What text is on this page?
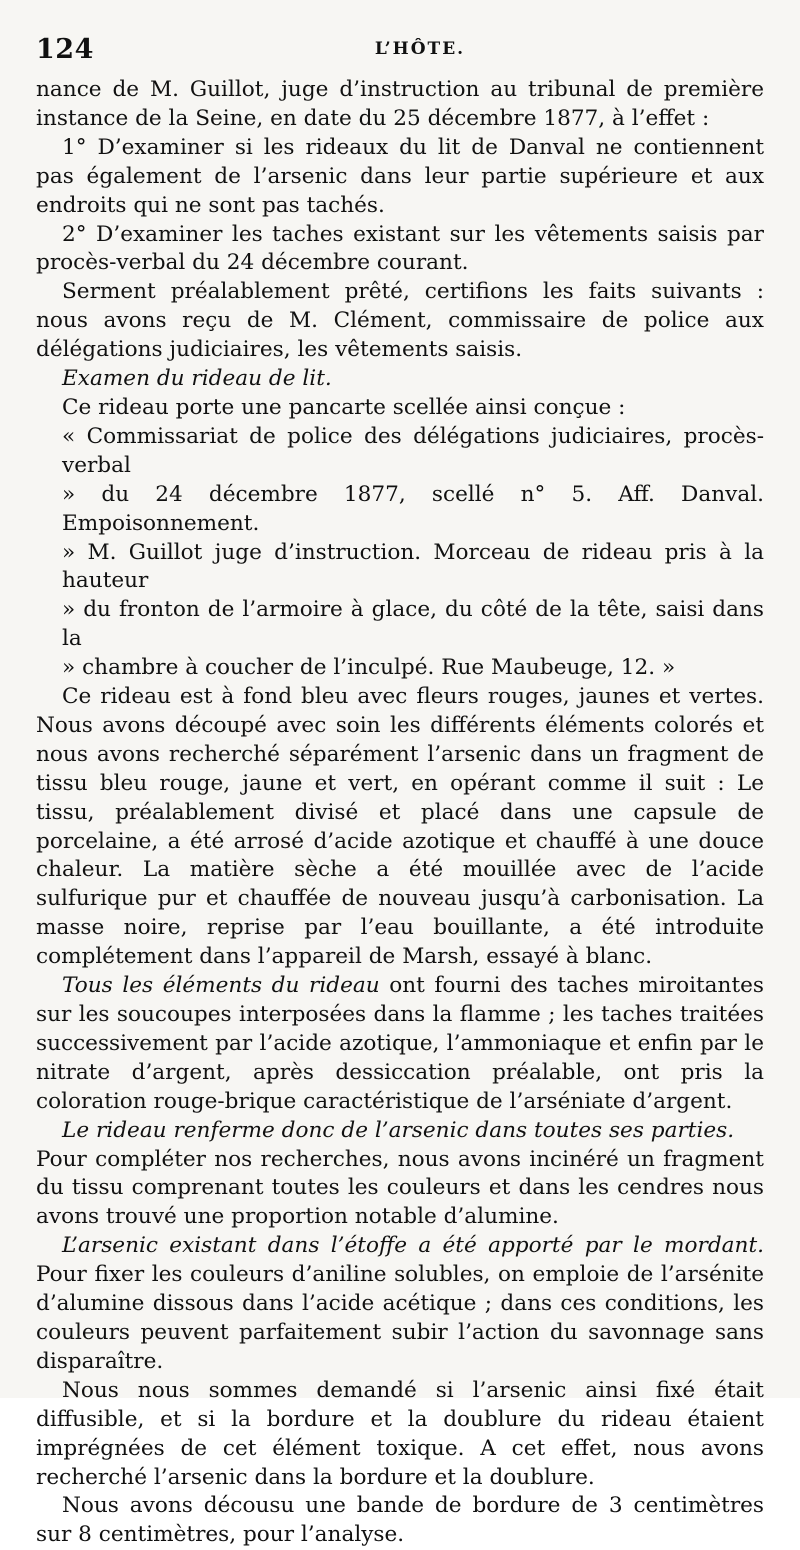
124	L’HÔTE.

nance de M. Guillot, juge d’instruction au tribunal de première instance de la Seine, en date du 25 décembre 1877, à l’effet :

1° D’examiner si les rideaux du lit de Danval ne contiennent pas également de l’arsenic dans leur partie supérieure et aux endroits qui ne sont pas tachés.

2° D’examiner les taches existant sur les vêtements saisis par procès-verbal du 24 décembre courant.

Serment préalablement prêté, certifions les faits suivants : nous avons reçu de M. Clément, commissaire de police aux délégations judiciaires, les vêtements saisis.

Examen du rideau de lit.

Ce rideau porte une pancarte scellée ainsi conçue :

« Commissariat de police des délégations judiciaires, procès-verbal

» du 24 décembre 1877, scellé n° 5. Aff. Danval. Empoisonnement.

» M. Guillot juge d’instruction. Morceau de rideau pris à la hauteur

» du fronton de l’armoire à glace, du côté de la tête, saisi dans la

» chambre à coucher de l’inculpé. Rue Maubeuge, 12. »

Ce rideau est à fond bleu avec fleurs rouges, jaunes et vertes. Nous avons découpé avec soin les différents éléments colorés et nous avons recherché séparément l’arsenic dans un fragment de tissu bleu rouge, jaune et vert, en opérant comme il suit : Le tissu, préalablement divisé et placé dans une capsule de porcelaine, a été arrosé d’acide azotique et chauffé à une douce chaleur. La matière sèche a été mouillée avec de l’acide sulfurique pur et chauffée de nouveau jusqu’à carbonisation. La masse noire, reprise par l’eau bouillante, a été introduite complétement dans l’appareil de Marsh, essayé à blanc.

Tous les éléments du rideau ont fourni des taches miroitantes sur les soucoupes interposées dans la flamme ; les taches traitées successivement par l’acide azotique, l’ammoniaque et enfin par le nitrate d’argent, après dessiccation préalable, ont pris la coloration rouge-brique caractéristique de l’arséniate d’argent.

Le rideau renferme donc de l’arsenic dans toutes ses parties.

Pour compléter nos recherches, nous avons incinéré un fragment du tissu comprenant toutes les couleurs et dans les cendres nous avons trouvé une proportion notable d’alumine.

L’arsenic existant dans l’étoffe a été apporté par le mordant. Pour fixer les couleurs d’aniline solubles, on emploie de l’arsénite d’alumine dissous dans l’acide acétique ; dans ces conditions, les couleurs peuvent parfaitement subir l’action du savonnage sans disparaître.

Nous nous sommes demandé si l’arsenic ainsi fixé était diffusible, et si la bordure et la doublure du rideau étaient imprégnées de cet élément toxique. A cet effet, nous avons recherché l’arsenic dans la bordure et la doublure.

Nous avons décousu une bande de bordure de 3 centimètres sur 8 centimètres, pour l’analyse.
